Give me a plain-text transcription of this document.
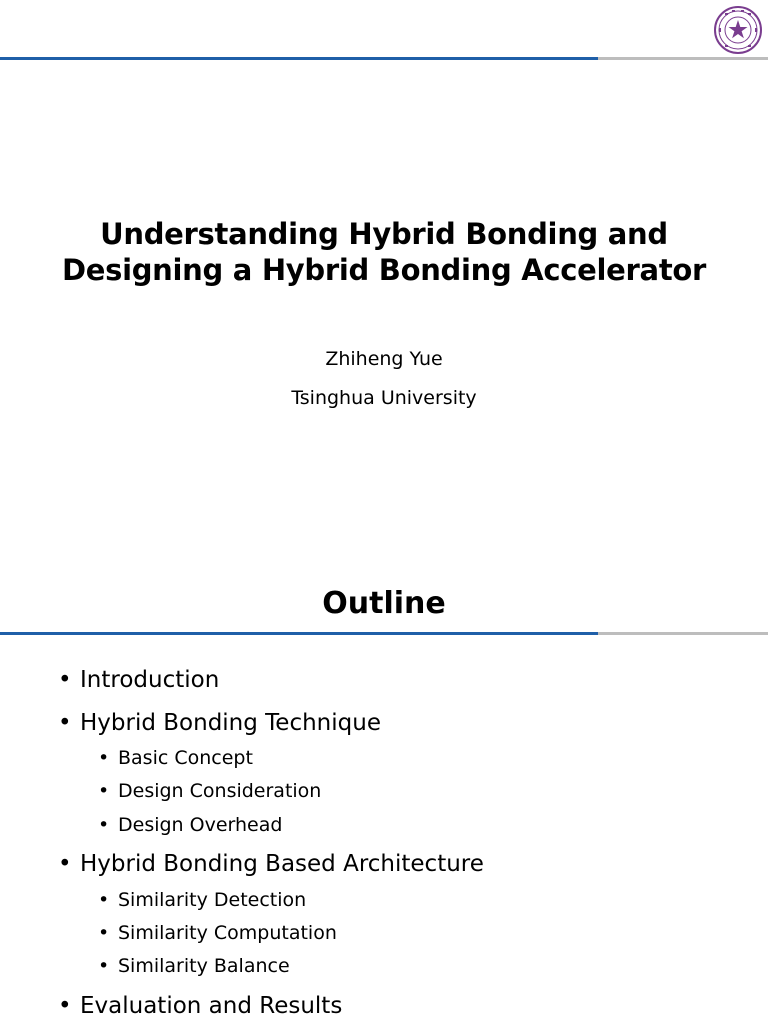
Understanding Hybrid Bonding and
Designing a Hybrid Bonding Accelerator
Zhiheng Yue
Tsinghua University
Outline
• Introduction
• Hybrid Bonding Technique
• Basic Concept
• Design Consideration
• Design Overhead
• Hybrid Bonding Based Architecture
• Similarity Detection
• Similarity Computation
• Similarity Balance
• Evaluation and Results
